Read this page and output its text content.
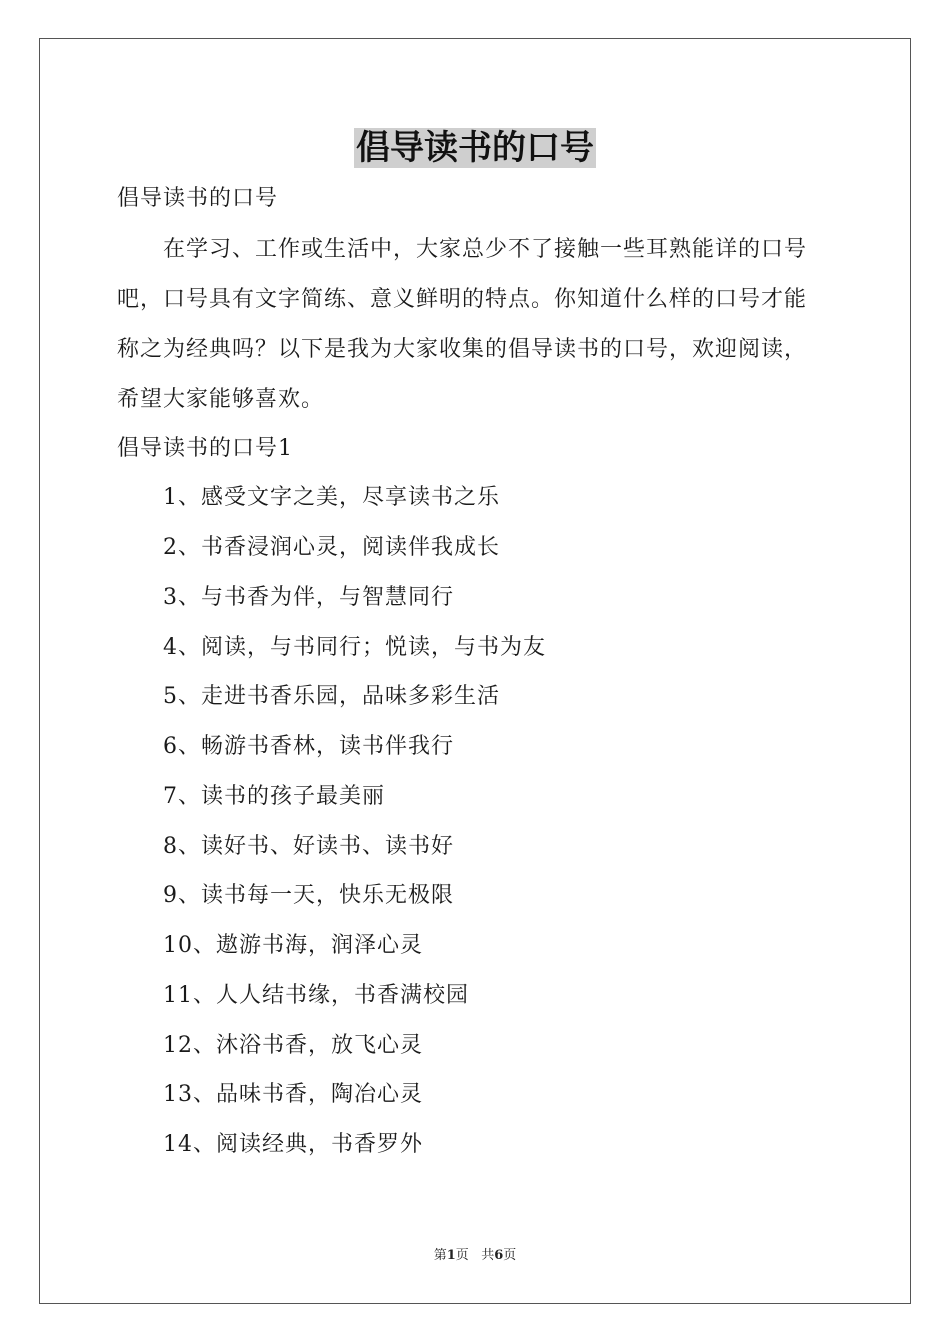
倡导读书的口号
倡导读书的口号
在学习、工作或生活中，大家总少不了接触一些耳熟能详的口号
吧，口号具有文字简练、意义鲜明的特点。你知道什么样的口号才能
称之为经典吗？以下是我为大家收集的倡导读书的口号，欢迎阅读，
希望大家能够喜欢。
倡导读书的口号1
1、感受文字之美，尽享读书之乐
2、书香浸润心灵，阅读伴我成长
3、与书香为伴，与智慧同行
4、阅读，与书同行；悦读，与书为友
5、走进书香乐园，品味多彩生活
6、畅游书香林，读书伴我行
7、读书的孩子最美丽
8、读好书、好读书、读书好
9、读书每一天，快乐无极限
10、遨游书海，润泽心灵
11、人人结书缘，书香满校园
12、沐浴书香，放飞心灵
13、品味书香，陶冶心灵
14、阅读经典，书香罗外
第1页 共6页
